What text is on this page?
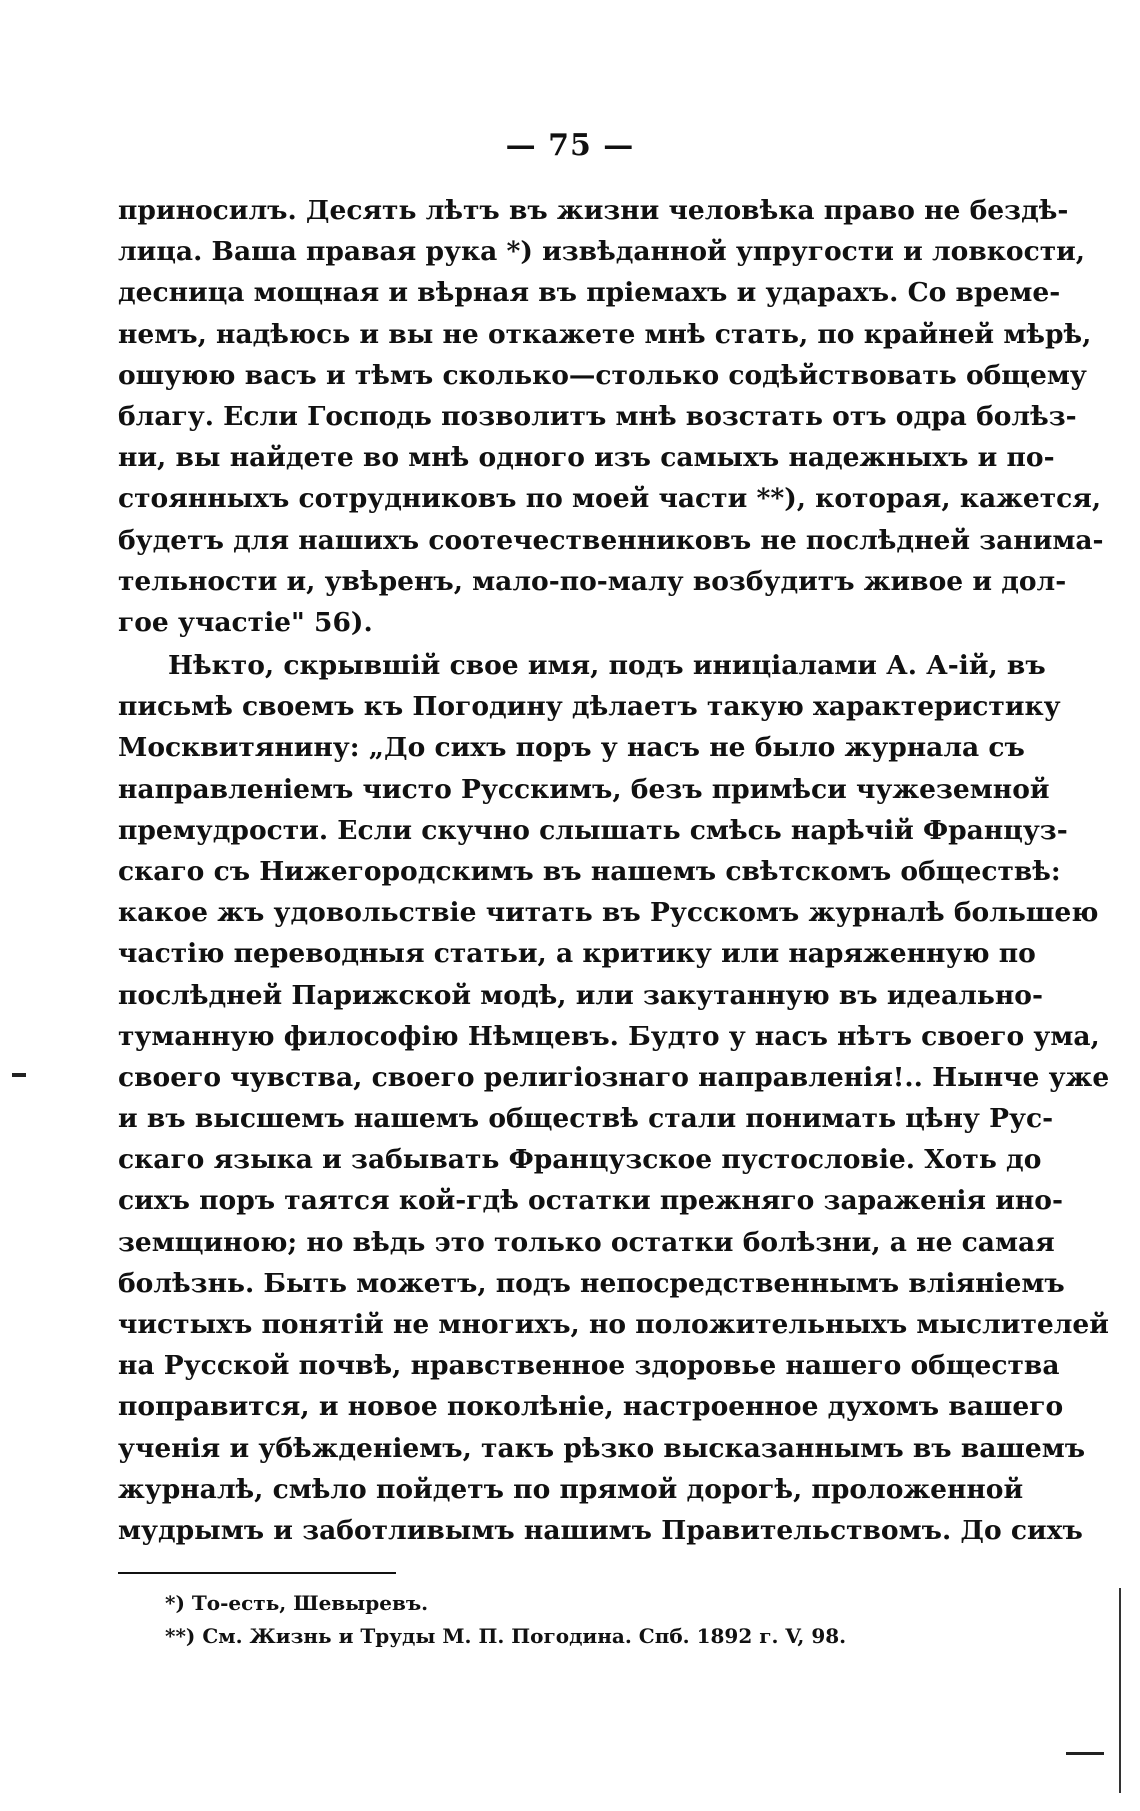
— 75 —
приносилъ. Десять лѣтъ въ жизни человѣка право не бездѣ-
лица. Ваша правая рука *) извѣданной упругости и ловкости,
десница мощная и вѣрная въ пріемахъ и ударахъ. Со време-
немъ, надѣюсь и вы не откажете мнѣ стать, по крайней мѣрѣ,
ошуюю васъ и тѣмъ сколько—столько содѣйствовать общему
благу. Если Господь позволитъ мнѣ возстать отъ одра болѣз-
ни, вы найдете во мнѣ одного изъ самыхъ надежныхъ и по-
стоянныхъ сотрудниковъ по моей части **), которая, кажется,
будетъ для нашихъ соотечественниковъ не послѣдней занима-
тельности и, увѣренъ, мало-по-малу возбудитъ живое и дол-
гое участіе" 56).
Нѣкто, скрывшій свое имя, подъ иниціалами А. А-ій, въ
письмѣ своемъ къ Погодину дѣлаетъ такую характеристику
Москвитянину: „До сихъ поръ у насъ не было журнала съ
направленіемъ чисто Русскимъ, безъ примѣси чужеземной
премудрости. Если скучно слышать смѣсь нарѣчій Француз-
скаго съ Нижегородскимъ въ нашемъ свѣтскомъ обществѣ:
какое жъ удовольствіе читать въ Русскомъ журналѣ большею
частію переводныя статьи, а критику или наряженную по
послѣдней Парижской модѣ, или закутанную въ идеально-
туманную философію Нѣмцевъ. Будто у насъ нѣтъ своего ума,
своего чувства, своего религіознаго направленія!.. Нынче уже
и въ высшемъ нашемъ обществѣ стали понимать цѣну Рус-
скаго языка и забывать Французское пустословіе. Хоть до
сихъ поръ таятся кой-гдѣ остатки прежняго зараженія ино-
земщиною; но вѣдь это только остатки болѣзни, а не самая
болѣзнь. Быть можетъ, подъ непосредственнымъ вліяніемъ
чистыхъ понятій не многихъ, но положительныхъ мыслителей
на Русской почвѣ, нравственное здоровье нашего общества
поправится, и новое поколѣніе, настроенное духомъ вашего
ученія и убѣжденіемъ, такъ рѣзко высказаннымъ въ вашемъ
журналѣ, смѣло пойдетъ по прямой дорогѣ, проложенной
мудрымъ и заботливымъ нашимъ Правительствомъ. До сихъ
*) То-есть, Шевыревъ.
**) См. Жизнь и Труды М. П. Погодина. Спб. 1892 г. V, 98.
